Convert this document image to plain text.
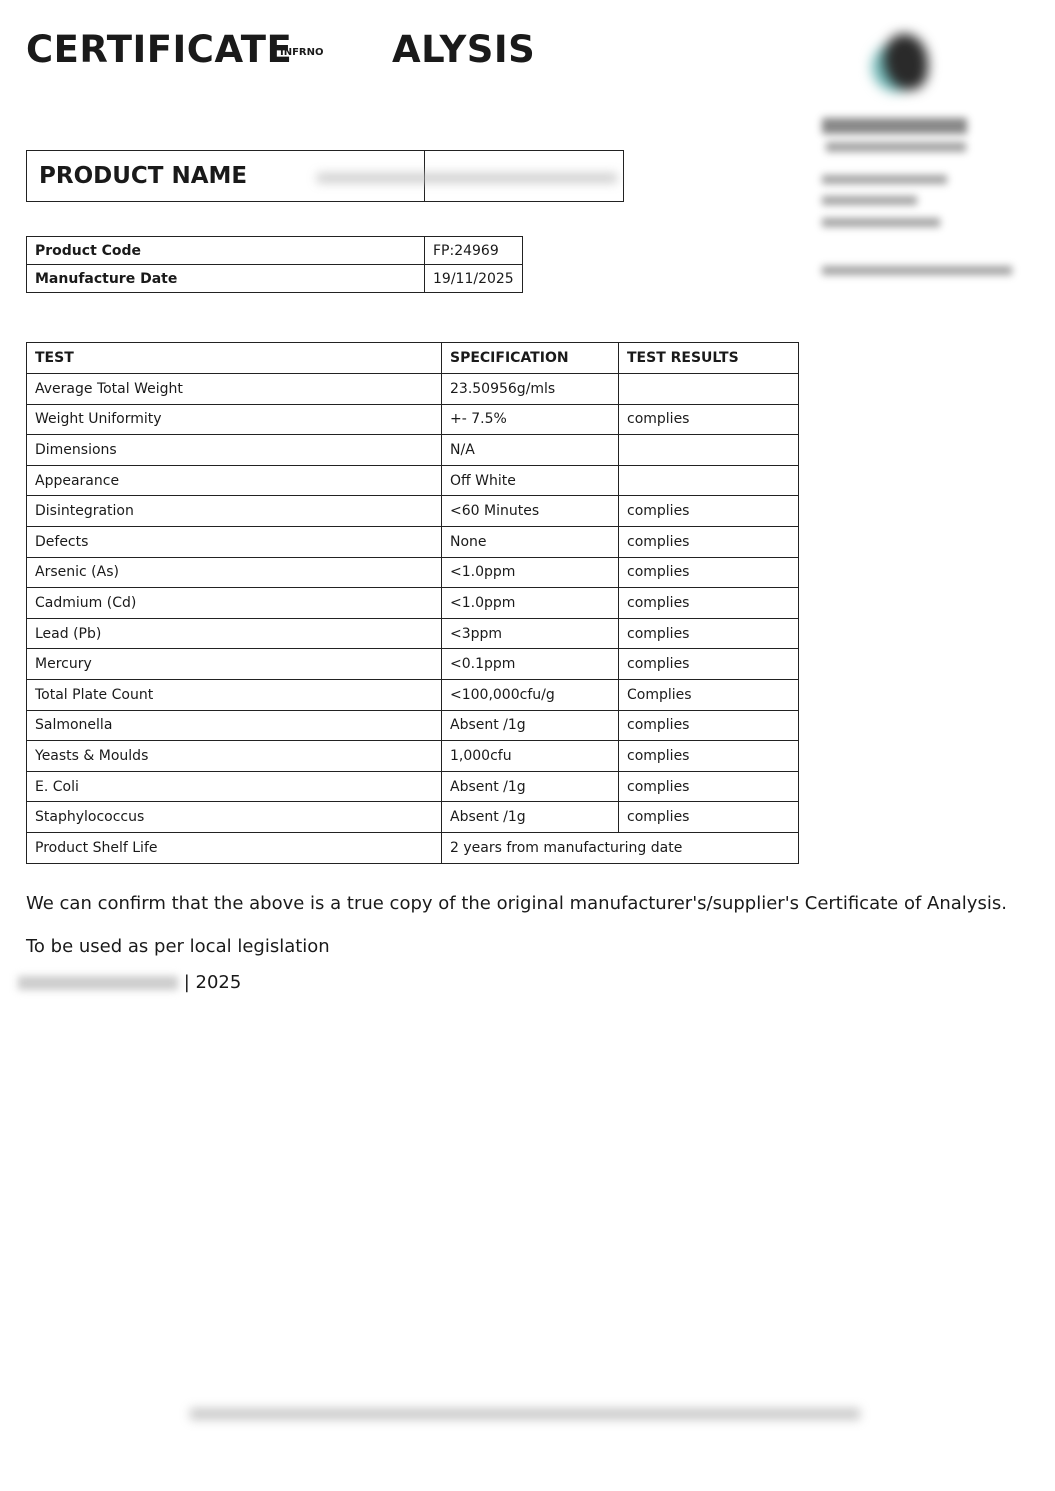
CERTIFICATE
INFRNO ALYSIS
PRODUCT NAME
Product Code	FP:24969
Manufacture Date	19/11/2025
TEST	SPECIFICATION	TEST RESULTS
Average Total Weight	23.50956g/mls	
Weight Uniformity	+- 7.5%	complies
Dimensions	N/A	
Appearance	Off White	
Disintegration	<60 Minutes	complies
Defects	None	complies
Arsenic (As)	<1.0ppm	complies
Cadmium (Cd)	<1.0ppm	complies
Lead (Pb)	<3ppm	complies
Mercury	<0.1ppm	complies
Total Plate Count	<100,000cfu/g	Complies
Salmonella	Absent /1g	complies
Yeasts & Moulds	1,000cfu	complies
E. Coli	Absent /1g	complies
Staphylococcus	Absent /1g	complies
Product Shelf Life	2 years from manufacturing date	
We can confirm that the above is a true copy of the original manufacturer's/supplier's Certificate of Analysis.
To be used as per local legislation
| 2025
